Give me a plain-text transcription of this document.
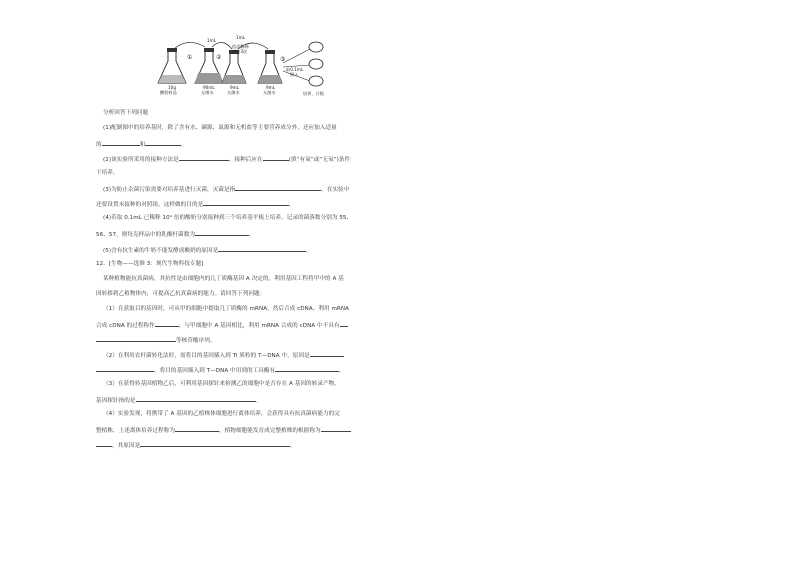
1mL
1mL
依次稀释 重复3次
①	②	③
取0.1mL 倒入
10g 酸奶样品
90mL 无菌水
9mL 无菌水
9mL 无菌水	培养、计数
分析回答下列问题
(1)配制图中的培养基时，除了含有水、碳源、氮源和无机盐等主要营养成分外，还应加入适量
的	和	。
(2)该实验所采用的接种方法是	。接种后应在	(填“有氧”或“无氧”)条件
下培养。
(3)为防止杂菌污染需要对培养基进行灭菌，灭菌是指	。在实验中
还要设置未接种的对照组，这样做的目的是	。
(4)若取 0.1mL 已稀释 10⁴ 倍的酸奶分别接种到三个培养基平板上培养，记录的菌落数分别为 55、
56、57，则每克样品中的乳酸杆菌数为	。
(5)含有抗生素的牛奶不能发酵成酸奶的原因是	。
12．[生物——选修 3：现代生物科技专题]
某种植物能抗真菌病，其抗性是由细胞内的几丁质酶基因 A 决定的。利用基因工程将甲中的 A 基
因转移到乙植物体内，可提高乙抗真菌病的能力。请回答下列问题：
（1）在获取目的基因时，可从甲的细胞中提取几丁质酶的 mRNA，然后合成 cDNA。利用 mRNA
合成 cDNA 的过程称作	；与甲细胞中 A 基因相比，利用 mRNA 合成的 cDNA 中不具有
等核苷酸序列。
（2）在利用农杆菌转化法时，需将目的基因插入到 Ti 质粒的 T—DNA 中，原因是
。将目的基因插入到 T—DNA 中用到的工具酶有	。
（3）在获得转基因植物乙后，可利用基因探针来检测乙的细胞中是否存在 A 基因的转录产物，
基因探针指的是	。
（4）实验发现，将携带了 A 基因的乙植株体细胞进行离体培养，会获得具有抗真菌病能力的完
整植株，上述离体培养过程称为	。植物细胞能发育成完整植株的根据称为
，其原因是	。
